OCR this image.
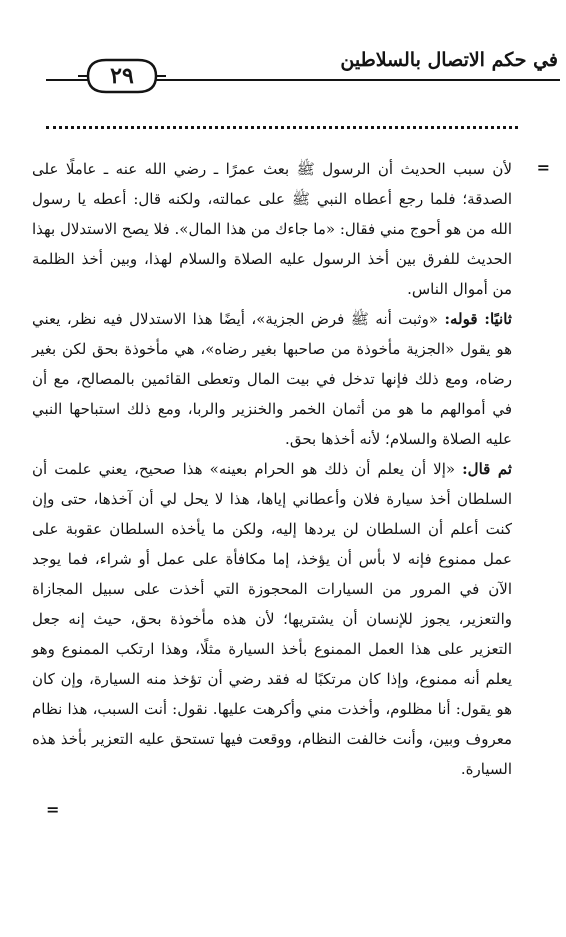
في حكم الاتصال بالسلاطين
٢٩
=

لأن سبب الحديث أن الرسول ﷺ بعث عمرًا ـ رضي الله عنه ـ عاملًا على الصدقة؛ فلما رجع أعطاه النبي ﷺ على عمالته، ولكنه قال: أعطه يا رسول الله من هو أحوج مني فقال: «ما جاءك من هذا المال». فلا يصح الاستدلال بهذا الحديث للفرق بين أخذ الرسول عليه الصلاة والسلام لهذا، وبين أخذ الظلمة من أموال الناس.

ثانيًا: قوله: «وثبت أنه ﷺ فرض الجزية»، أيضًا هذا الاستدلال فيه نظر، يعني هو يقول «الجزية مأخوذة من صاحبها بغير رضاه»، هي مأخوذة بحق لكن بغير رضاه، ومع ذلك فإنها تدخل في بيت المال وتعطى القائمين بالمصالح، مع أن في أموالهم ما هو من أثمان الخمر والخنزير والربا، ومع ذلك استباحها النبي عليه الصلاة والسلام؛ لأنه أخذها بحق.

ثم قال: «إلا أن يعلم أن ذلك هو الحرام بعينه» هذا صحيح، يعني علمت أن السلطان أخذ سيارة فلان وأعطاني إياها، هذا لا يحل لي أن آخذها، حتى وإن كنت أعلم أن السلطان لن يردها إليه، ولكن ما يأخذه السلطان عقوبة على عمل ممنوع فإنه لا بأس أن يؤخذ، إما مكافأة على عمل أو شراء، فما يوجد الآن في المرور من السيارات المحجوزة التي أخذت على سبيل المجازاة والتعزير، يجوز للإنسان أن يشتريها؛ لأن هذه مأخوذة بحق، حيث إنه جعل التعزير على هذا العمل الممنوع بأخذ السيارة مثلًا، وهذا ارتكب الممنوع وهو يعلم أنه ممنوع، وإذا كان مرتكبًا له فقد رضي أن تؤخذ منه السيارة، وإن كان هو يقول: أنا مظلوم، وأخذت مني وأكرهت عليها. نقول: أنت السبب، هذا نظام معروف وبين، وأنت خالفت النظام، ووقعت فيها تستحق عليه التعزير بأخذ هذه السيارة.

=
